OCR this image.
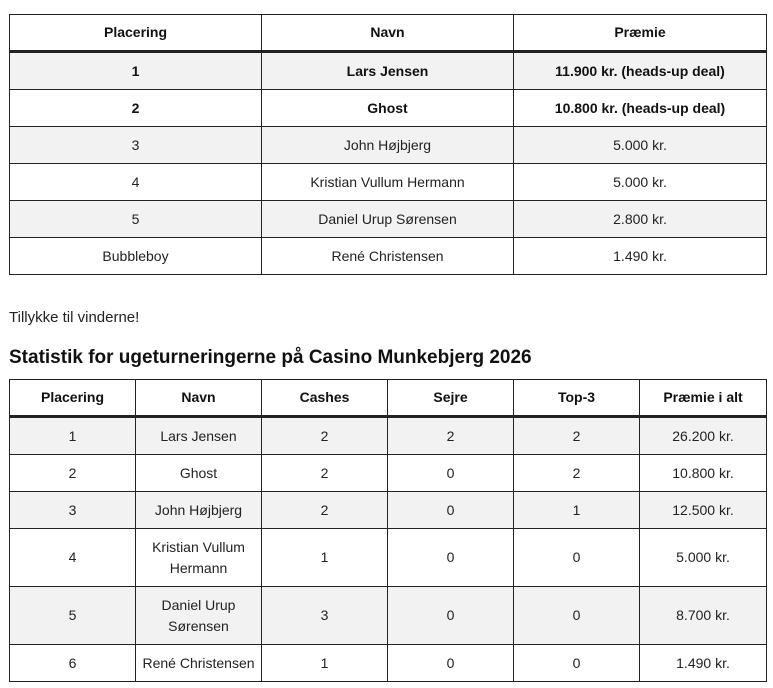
Placering	Navn	Præmie
1	Lars Jensen	11.900 kr. (heads-up deal)
2	Ghost	10.800 kr. (heads-up deal)
3	John Højbjerg	5.000 kr.
4	Kristian Vullum Hermann	5.000 kr.
5	Daniel Urup Sørensen	2.800 kr.
Bubbleboy	René Christensen	1.490 kr.

Tillykke til vinderne!

Statistik for ugeturneringerne på Casino Munkebjerg 2026
Placering	Navn	Cashes	Sejre	Top-3	Præmie i alt
1	Lars Jensen	2	2	2	26.200 kr.
2	Ghost	2	0	2	10.800 kr.
3	John Højbjerg	2	0	1	12.500 kr.
4	Kristian Vullum Hermann	1	0	0	5.000 kr.
5	Daniel Urup Sørensen	3	0	0	8.700 kr.
6	René Christensen	1	0	0	1.490 kr.
